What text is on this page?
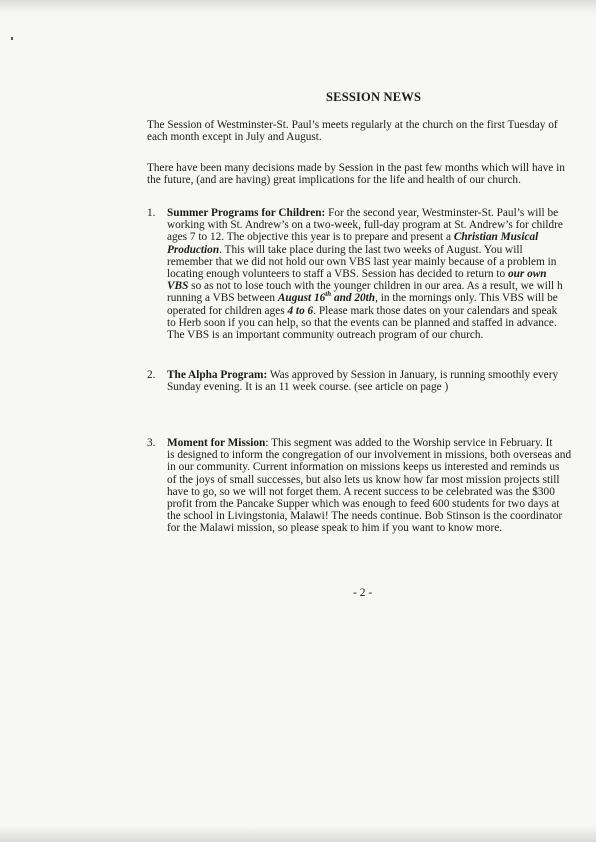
SESSION NEWS
The Session of Westminster-St. Paul’s meets regularly at the church on the first Tuesday of
each month except in July and August.
There have been many decisions made by Session in the past few months which will have in
the future, (and are having) great implications for the life and health of our church.
1.	Summer Programs for Children: For the second year, Westminster-St. Paul’s will be
working with St. Andrew’s on a two-week, full-day program at St. Andrew’s for childre
ages 7 to 12. The objective this year is to prepare and present a Christian Musical
Production. This will take place during the last two weeks of August. You will
remember that we did not hold our own VBS last year mainly because of a problem in
locating enough volunteers to staff a VBS. Session has decided to return to our own
VBS so as not to lose touch with the younger children in our area. As a result, we will h
running a VBS between August 16th and 20th, in the mornings only. This VBS will be
operated for children ages 4 to 6. Please mark those dates on your calendars and speak
to Herb soon if you can help, so that the events can be planned and staffed in advance.
The VBS is an important community outreach program of our church.
2.	The Alpha Program: Was approved by Session in January, is running smoothly every
Sunday evening. It is an 11 week course. (see article on page )
3.	Moment for Mission: This segment was added to the Worship service in February. It
is designed to inform the congregation of our involvement in missions, both overseas and
in our community. Current information on missions keeps us interested and reminds us
of the joys of small successes, but also lets us know how far most mission projects still
have to go, so we will not forget them. A recent success to be celebrated was the $300
profit from the Pancake Supper which was enough to feed 600 students for two days at
the school in Livingstonia, Malawi! The needs continue. Bob Stinson is the coordinator
for the Malawi mission, so please speak to him if you want to know more.
- 2 -
